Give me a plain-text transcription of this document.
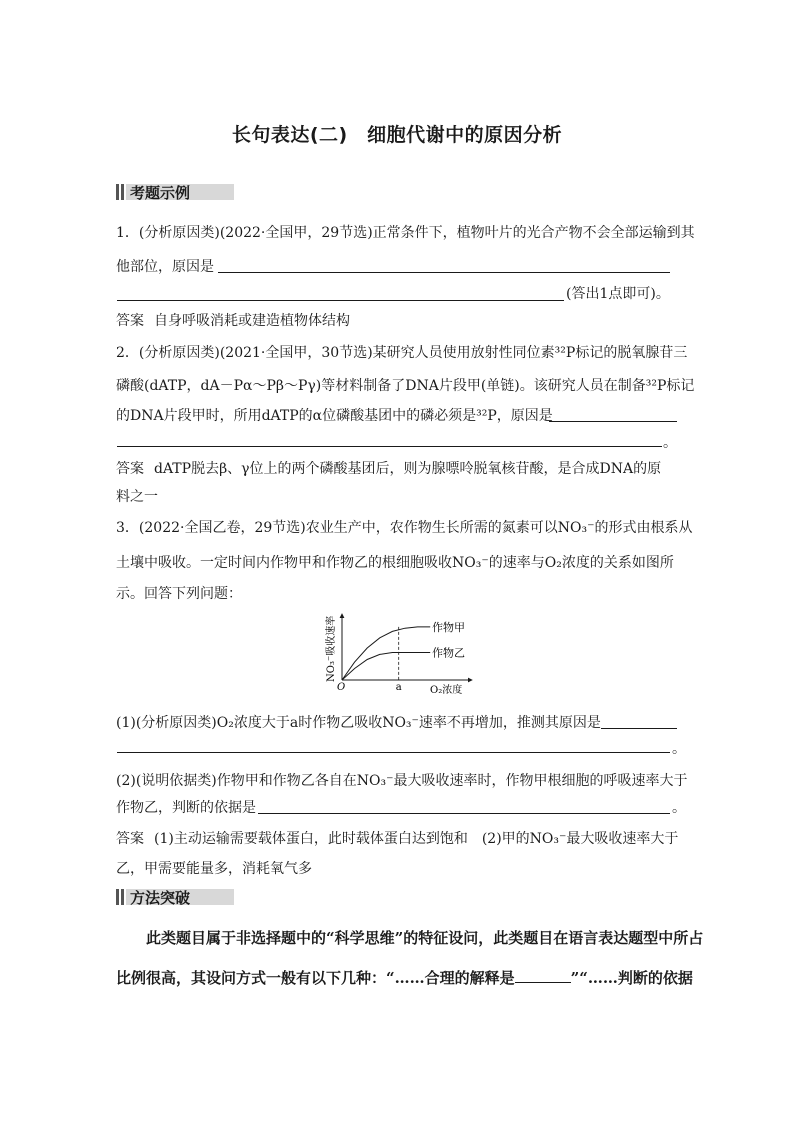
长句表达(二)　细胞代谢中的原因分析
考题示例
1．(分析原因类)(2022·全国甲，29节选)正常条件下，植物叶片的光合产物不会全部运输到其
他部位，原因是
(答出1点即可)。
答案 自身呼吸消耗或建造植物体结构
2．(分析原因类)(2021·全国甲，30节选)某研究人员使用放射性同位素³²P标记的脱氧腺苷三
磷酸(dATP，dA－Pα～Pβ～Pγ)等材料制备了DNA片段甲(单链)。该研究人员在制备³²P标记
的DNA片段甲时，所用dATP的α位磷酸基团中的磷必须是³²P，原因是
。
答案 dATP脱去β、γ位上的两个磷酸基团后，则为腺嘌呤脱氧核苷酸，是合成DNA的原
料之一
3．(2022·全国乙卷，29节选)农业生产中，农作物生长所需的氮素可以NO₃⁻的形式由根系从
土壤中吸收。一定时间内作物甲和作物乙的根细胞吸收NO₃⁻的速率与O₂浓度的关系如图所
示。回答下列问题：
作物甲
作物乙
O	a	O₂浓度
NO₃⁻吸收速率
(1)(分析原因类)O₂浓度大于a时作物乙吸收NO₃⁻速率不再增加，推测其原因是
。
(2)(说明依据类)作物甲和作物乙各自在NO₃⁻最大吸收速率时，作物甲根细胞的呼吸速率大于
作物乙，判断的依据是	。
答案 (1)主动运输需要载体蛋白，此时载体蛋白达到饱和　(2)甲的NO₃⁻最大吸收速率大于
乙，甲需要能量多，消耗氧气多
方法突破
此类题目属于非选择题中的“科学思维”的特征设问，此类题目在语言表达题型中所占
比例很高，其设问方式一般有以下几种：“……合理的解释是	”“……判断的依据
